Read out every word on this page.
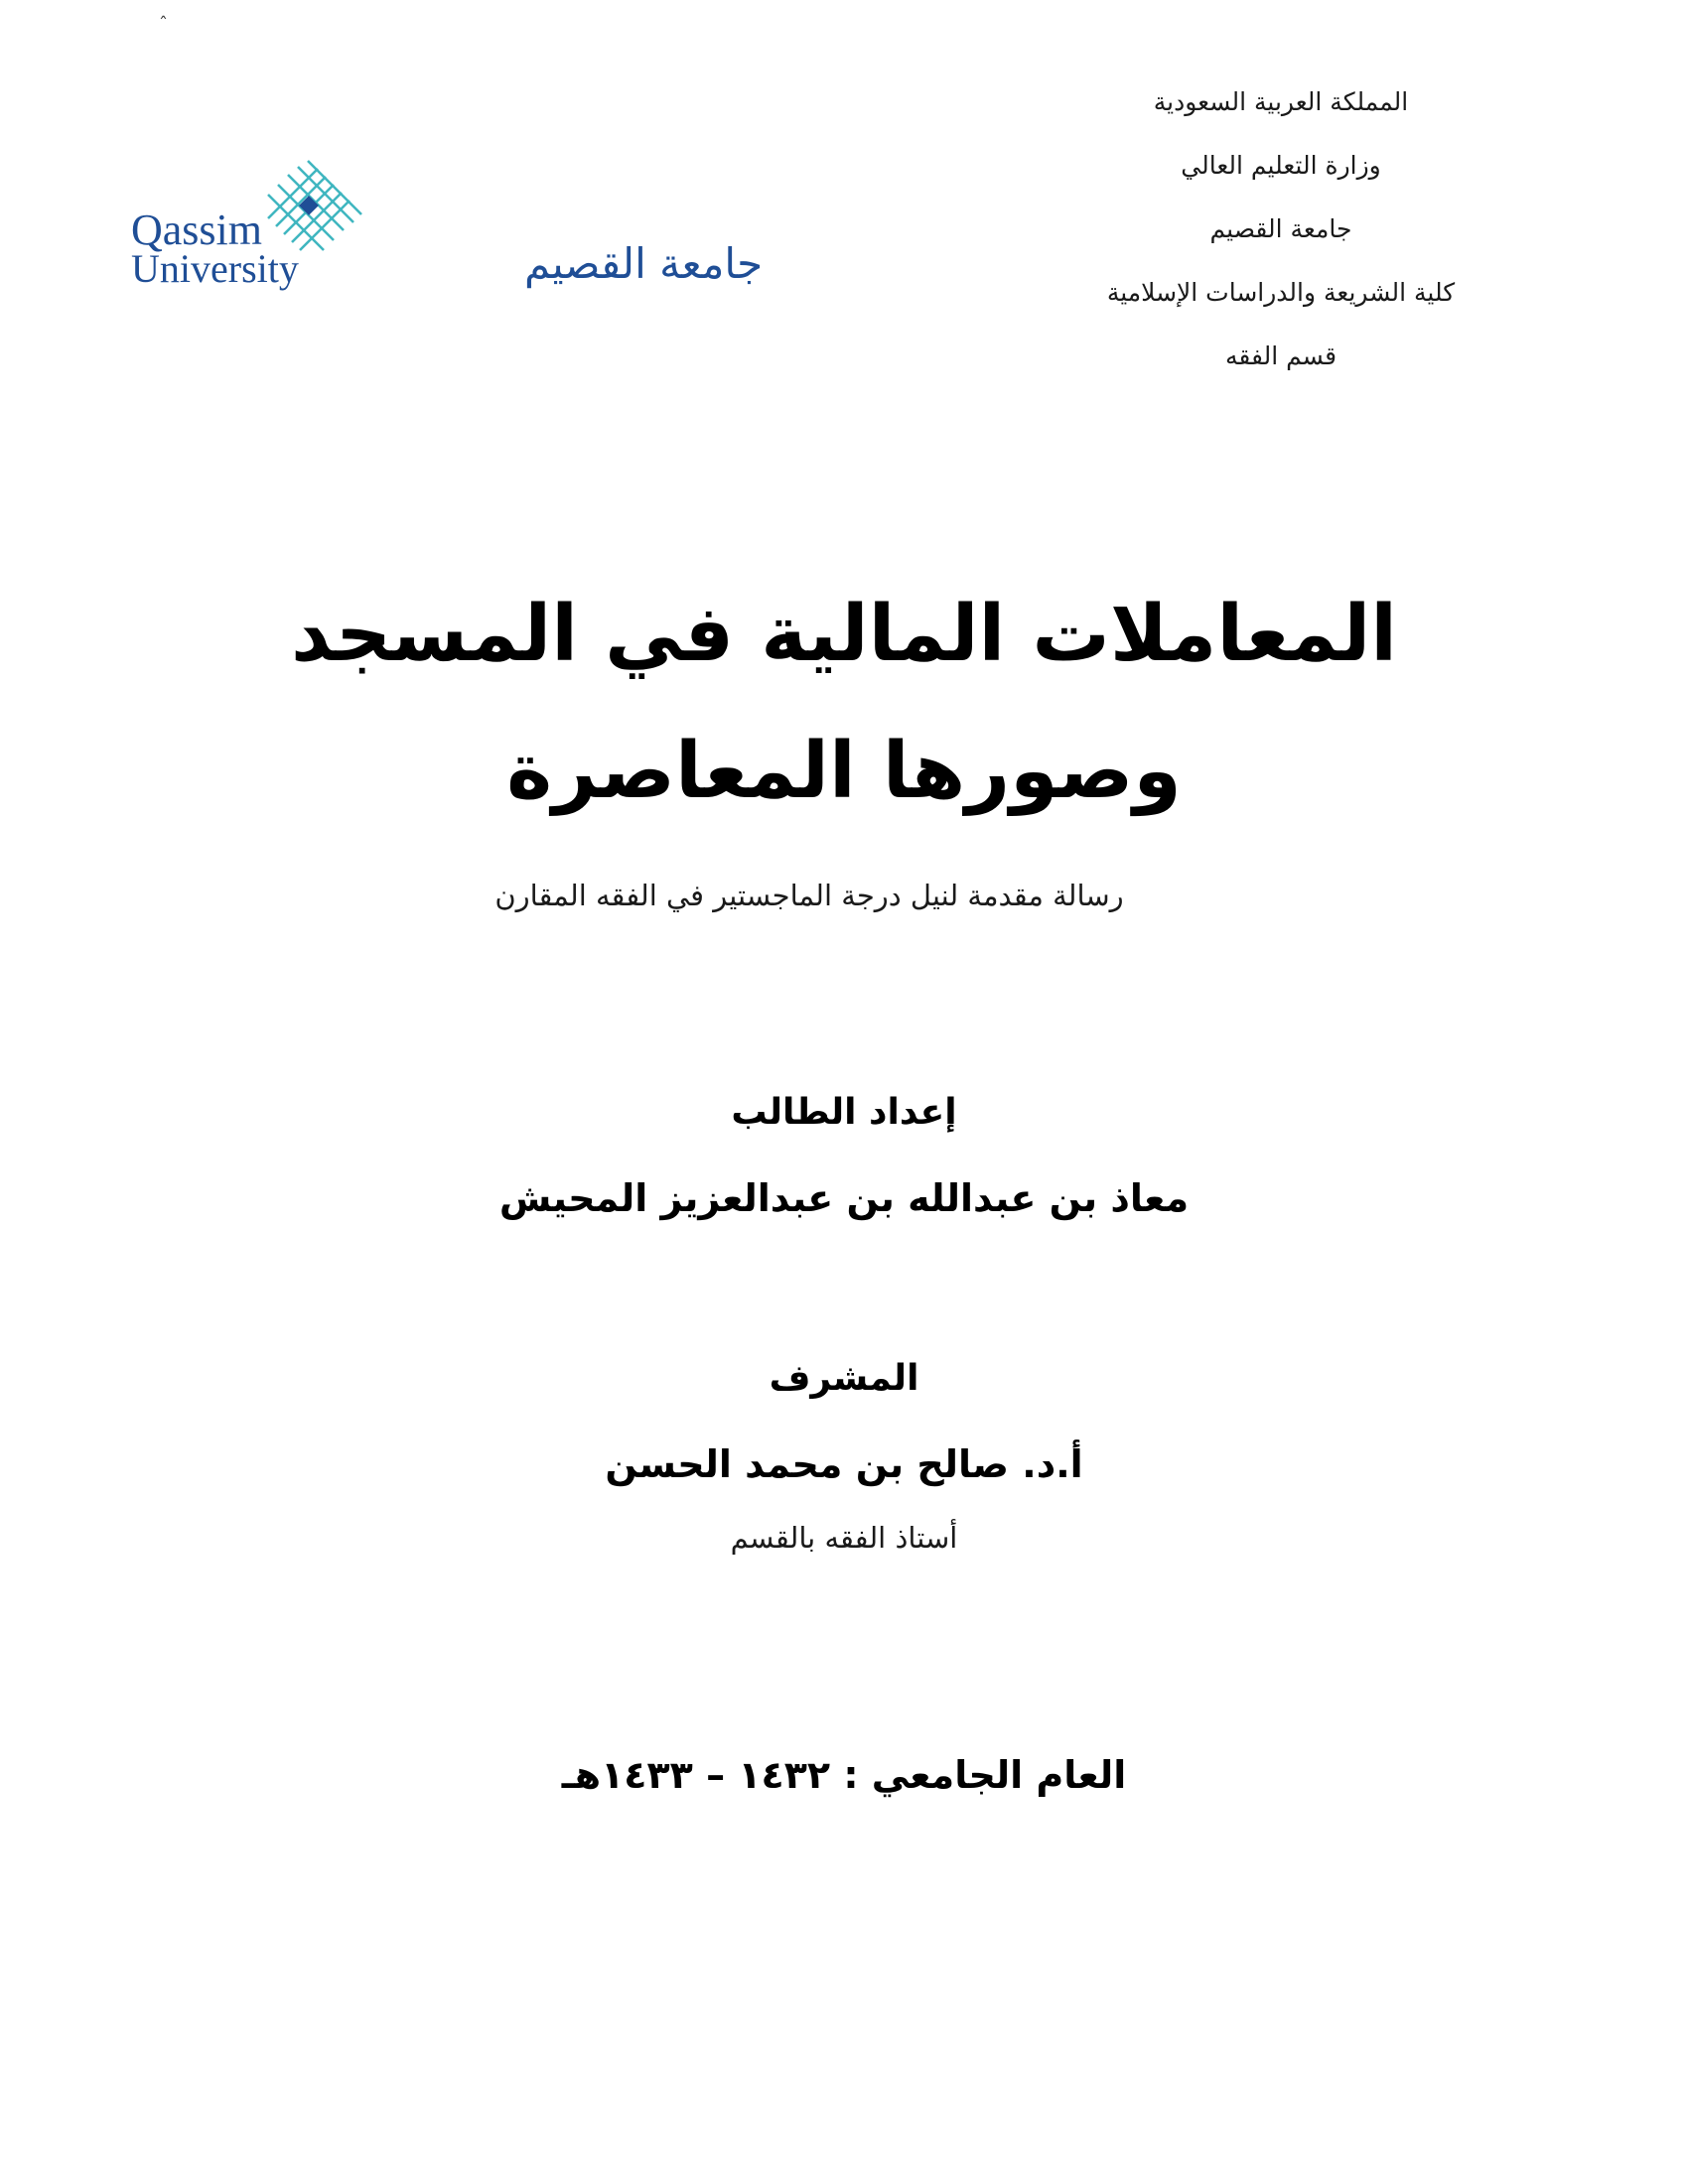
ˆ
المملكة العربية السعودية
وزارة التعليم العالي
جامعة القصيم
كلية الشريعة والدراسات الإسلامية
قسم الفقه
Qassim
University	جامعة القصيم
المعاملات المالية في المسجد
وصورها المعاصرة
رسالة مقدمة لنيل درجة الماجستير في الفقه المقارن
إعداد الطالب
معاذ بن عبدالله بن عبدالعزيز المحيش
المشرف
أ.د. صالح بن محمد الحسن
أستاذ الفقه بالقسم
العام الجامعي : ١٤٣٢ – ١٤٣٣هـ
